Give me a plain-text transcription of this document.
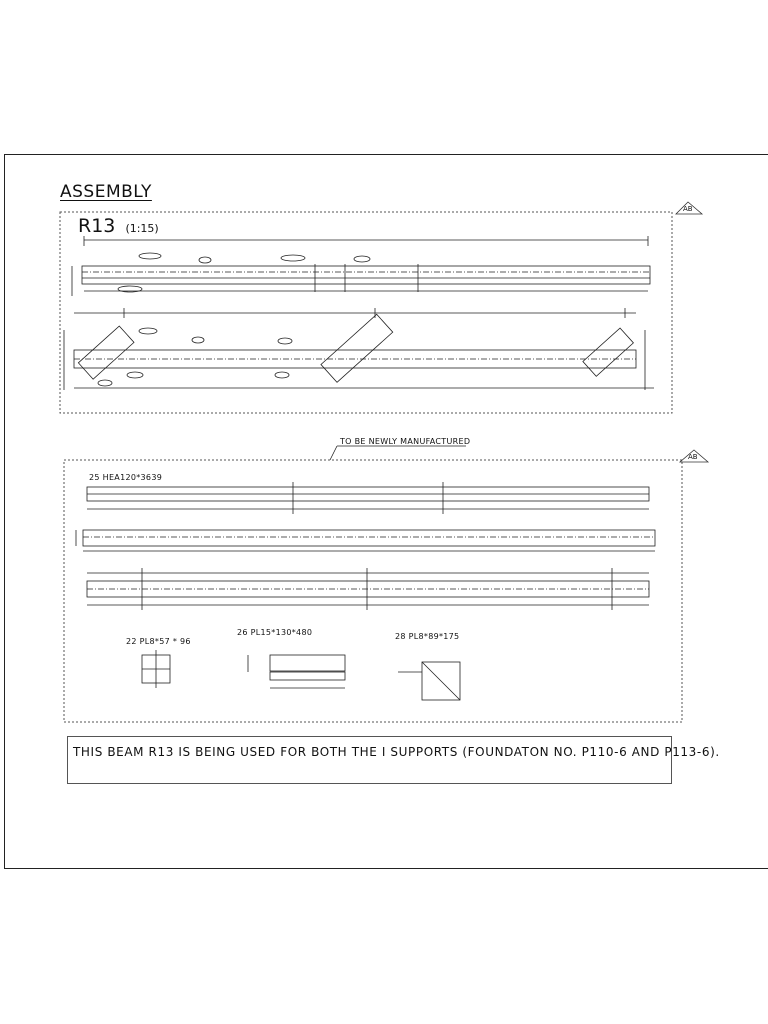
ASSEMBLY
R13 (1:15)
AB
AB
TO BE NEWLY MANUFACTURED
25 HEA120*3639
22 PL8*57 * 96
26 PL15*130*480	28 PL8*89*175
THIS BEAM R13 IS BEING USED FOR BOTH THE I SUPPORTS (FOUNDATON NO. P110-6 AND P113-6).
